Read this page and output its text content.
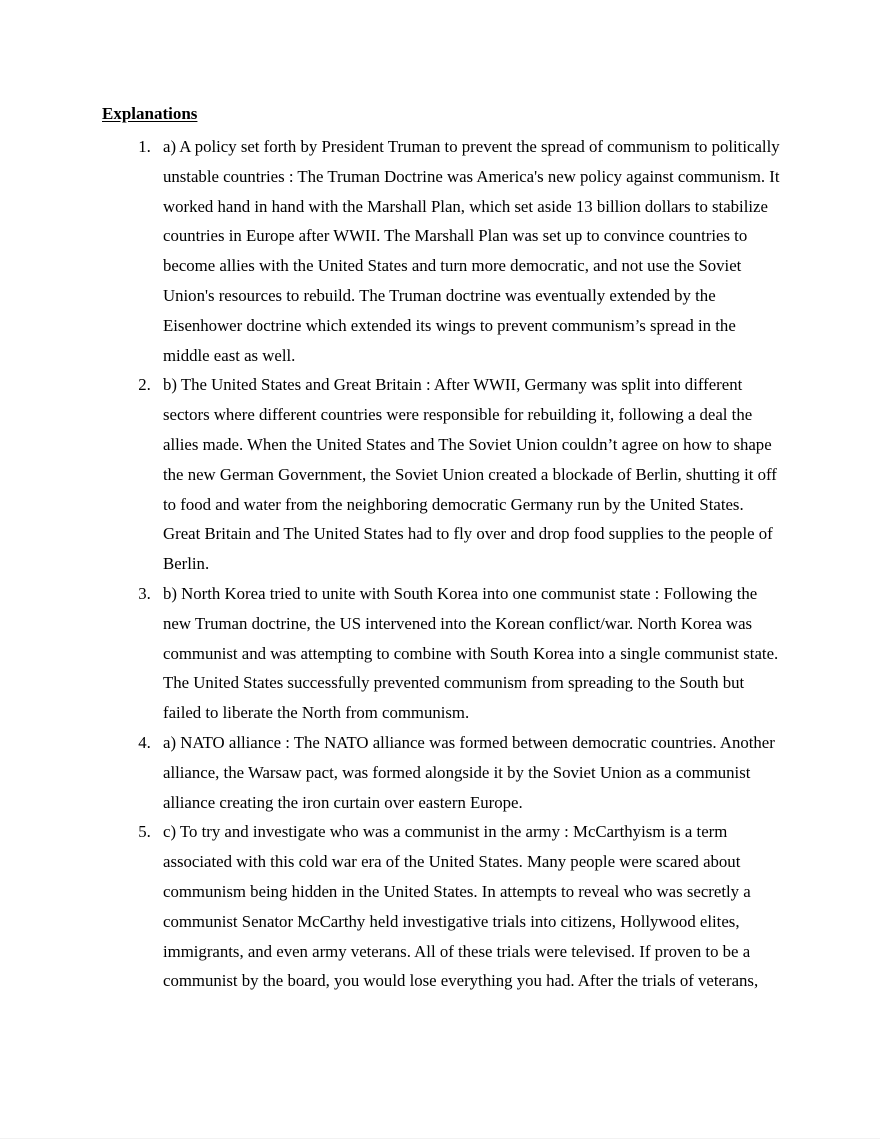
Explanations
1. a) A policy set forth by President Truman to prevent the spread of communism to politically unstable countries : The Truman Doctrine was America's new policy against communism. It worked hand in hand with the Marshall Plan, which set aside 13 billion dollars to stabilize countries in Europe after WWII. The Marshall Plan was set up to convince countries to become allies with the United States and turn more democratic, and not use the Soviet Union's resources to rebuild. The Truman doctrine was eventually extended by the Eisenhower doctrine which extended its wings to prevent communism’s spread in the middle east as well.
2. b) The United States and Great Britain : After WWII, Germany was split into different sectors where different countries were responsible for rebuilding it, following a deal the allies made. When the United States and The Soviet Union couldn’t agree on how to shape the new German Government, the Soviet Union created a blockade of Berlin, shutting it off to food and water from the neighboring democratic Germany run by the United States. Great Britain and The United States had to fly over and drop food supplies to the people of Berlin.
3. b) North Korea tried to unite with South Korea into one communist state : Following the new Truman doctrine, the US intervened into the Korean conflict/war. North Korea was communist and was attempting to combine with South Korea into a single communist state. The United States successfully prevented communism from spreading to the South but failed to liberate the North from communism.
4. a) NATO alliance : The NATO alliance was formed between democratic countries. Another alliance, the Warsaw pact, was formed alongside it by the Soviet Union as a communist alliance creating the iron curtain over eastern Europe.
5. c) To try and investigate who was a communist in the army : McCarthyism is a term associated with this cold war era of the United States. Many people were scared about communism being hidden in the United States. In attempts to reveal who was secretly a communist Senator McCarthy held investigative trials into citizens, Hollywood elites, immigrants, and even army veterans. All of these trials were televised. If proven to be a communist by the board, you would lose everything you had. After the trials of veterans,
